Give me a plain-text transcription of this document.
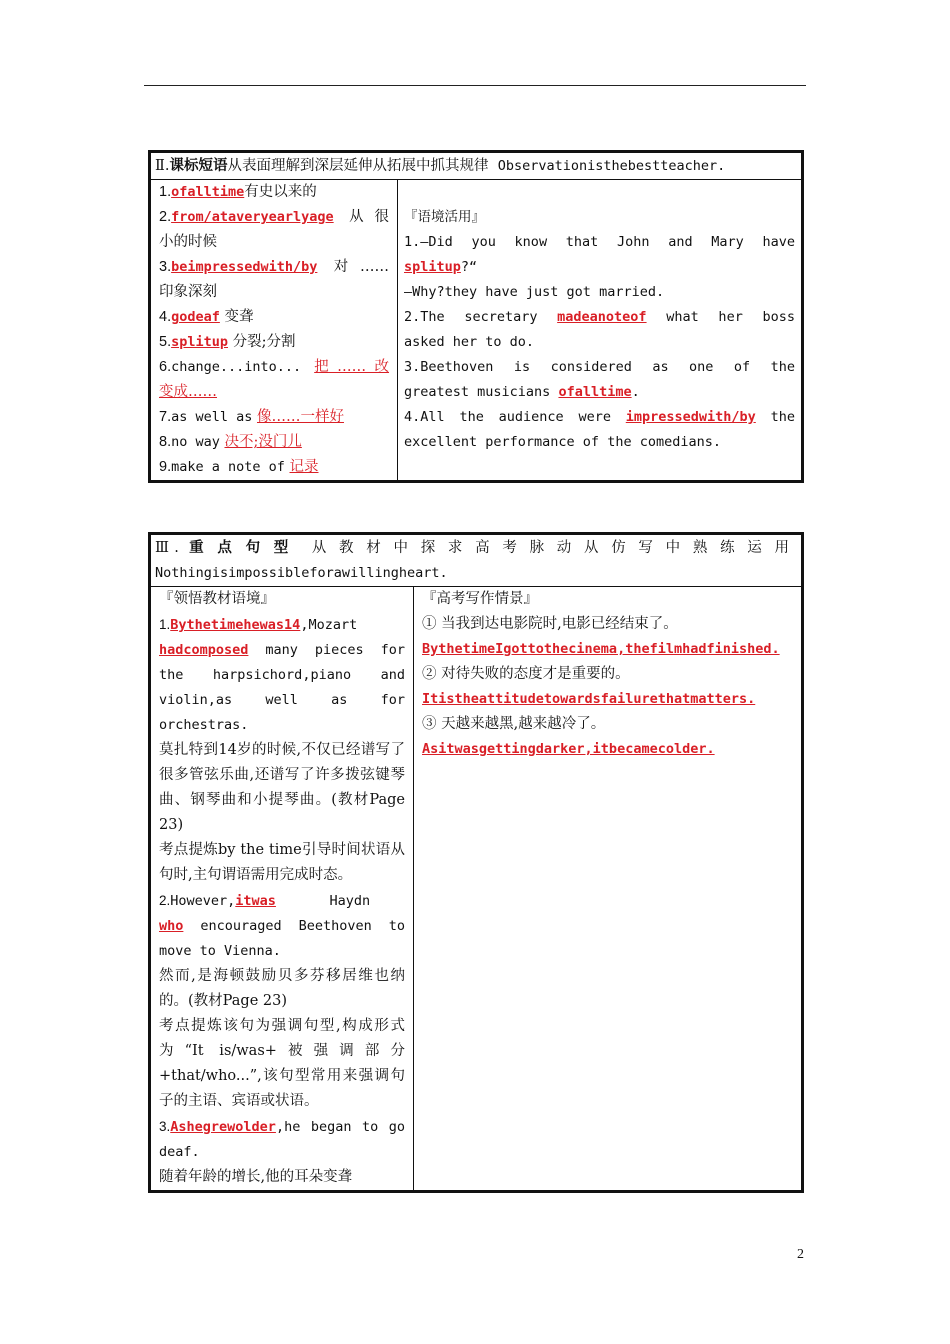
Ⅱ.课标短语从表面理解到深层延伸从拓展中抓其规律 Observationisthebestteacher.

1.ofalltime有史以来的
2.from/ataveryearlyage 从很
小的时候
3.beimpressedwith/by 对……
印象深刻
4.godeaf 变聋
5.splitup 分裂;分割
6.change...into... 把……改
变成……
7.as well as 像……一样好
8.no way 决不;没门儿
9.make a note of 记录

『语境活用』
1.—Did you know that John and Mary have
splitup?“
—Why?they have just got married.
2.The secretary madeanoteof what her boss
asked her to do.
3.Beethoven is considered as one of the
greatest musicians ofalltime.
4.All the audience were impressedwith/by the
excellent performance of the comedians.
Ⅲ. 重点句型 从教材中探求高考脉动从仿写中熟练运用
Nothingisimpossibleforawillingheart.

『领悟教材语境』
1.Bythetimehewas14,Mozart hadcomposed many pieces for the harpsichord,piano and violin,as well as for orchestras.
莫扎特到14岁的时候,不仅已经谱写了很多管弦乐曲,还谱写了许多拨弦键琴曲、钢琴曲和小提琴曲。(教材Page 23)
考点提炼by the time引导时间状语从句时,主句谓语需用完成时态。
2.However,itwas	Haydn    who encouraged Beethoven to move to Vienna.
然而,是海顿鼓励贝多芬移居维也纳的。(教材Page 23)
考点提炼该句为强调句型,构成形式为“It is/was+被强调部分+that/who...”,该句型常用来强调句子的主语、宾语或状语。
3.Ashegrewolder,he began to go deaf.
随着年龄的增长,他的耳朵变聋

『高考写作情景』
① 当我到达电影院时,电影已经结束了。
BythetimeIgottothecinema,thefilmhadfinished.
② 对待失败的态度才是重要的。
Itistheattitudetowardsfailurethatmatters.
③ 天越来越黑,越来越冷了。
Asitwasgettingdarker,itbecamecolder.
2
